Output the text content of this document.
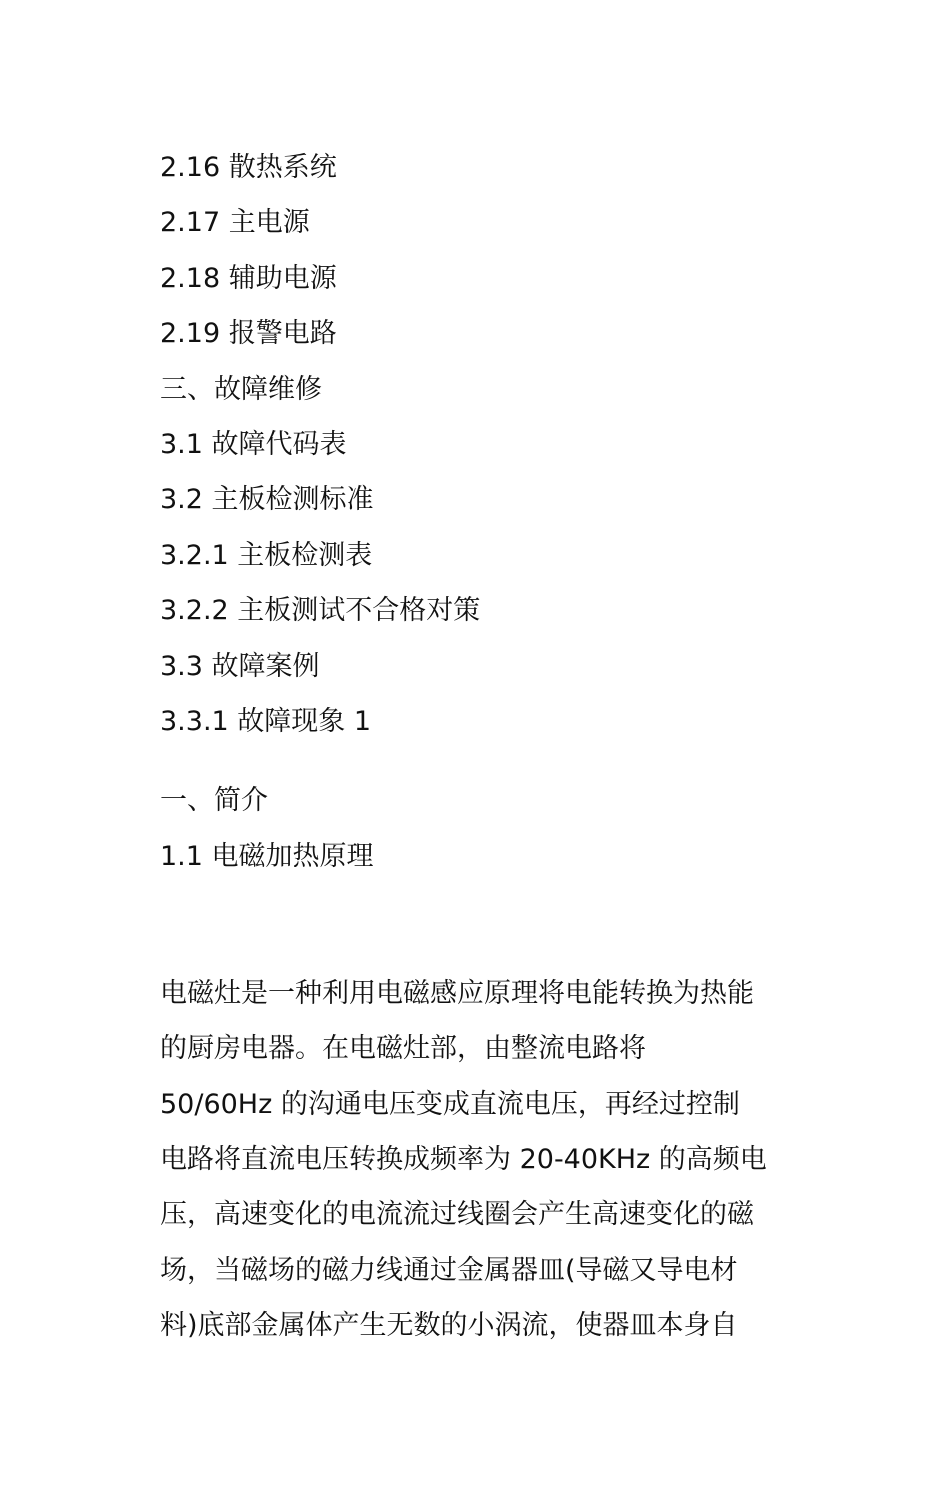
2.16 散热系统
2.17 主电源
2.18 辅助电源
2.19 报警电路
三、故障维修
3.1 故障代码表
3.2 主板检测标准
3.2.1 主板检测表
3.2.2 主板测试不合格对策
3.3 故障案例
3.3.1 故障现象 1
一、简介
1.1 电磁加热原理

电磁灶是一种利用电磁感应原理将电能转换为热能
的厨房电器。在电磁灶部，由整流电路将
50/60Hz 的沟通电压变成直流电压，再经过控制
电路将直流电压转换成频率为 20-40KHz 的高频电
压，高速变化的电流流过线圈会产生高速变化的磁
场，当磁场的磁力线通过金属器皿(导磁又导电材
料)底部金属体产生无数的小涡流，使器皿本身自
